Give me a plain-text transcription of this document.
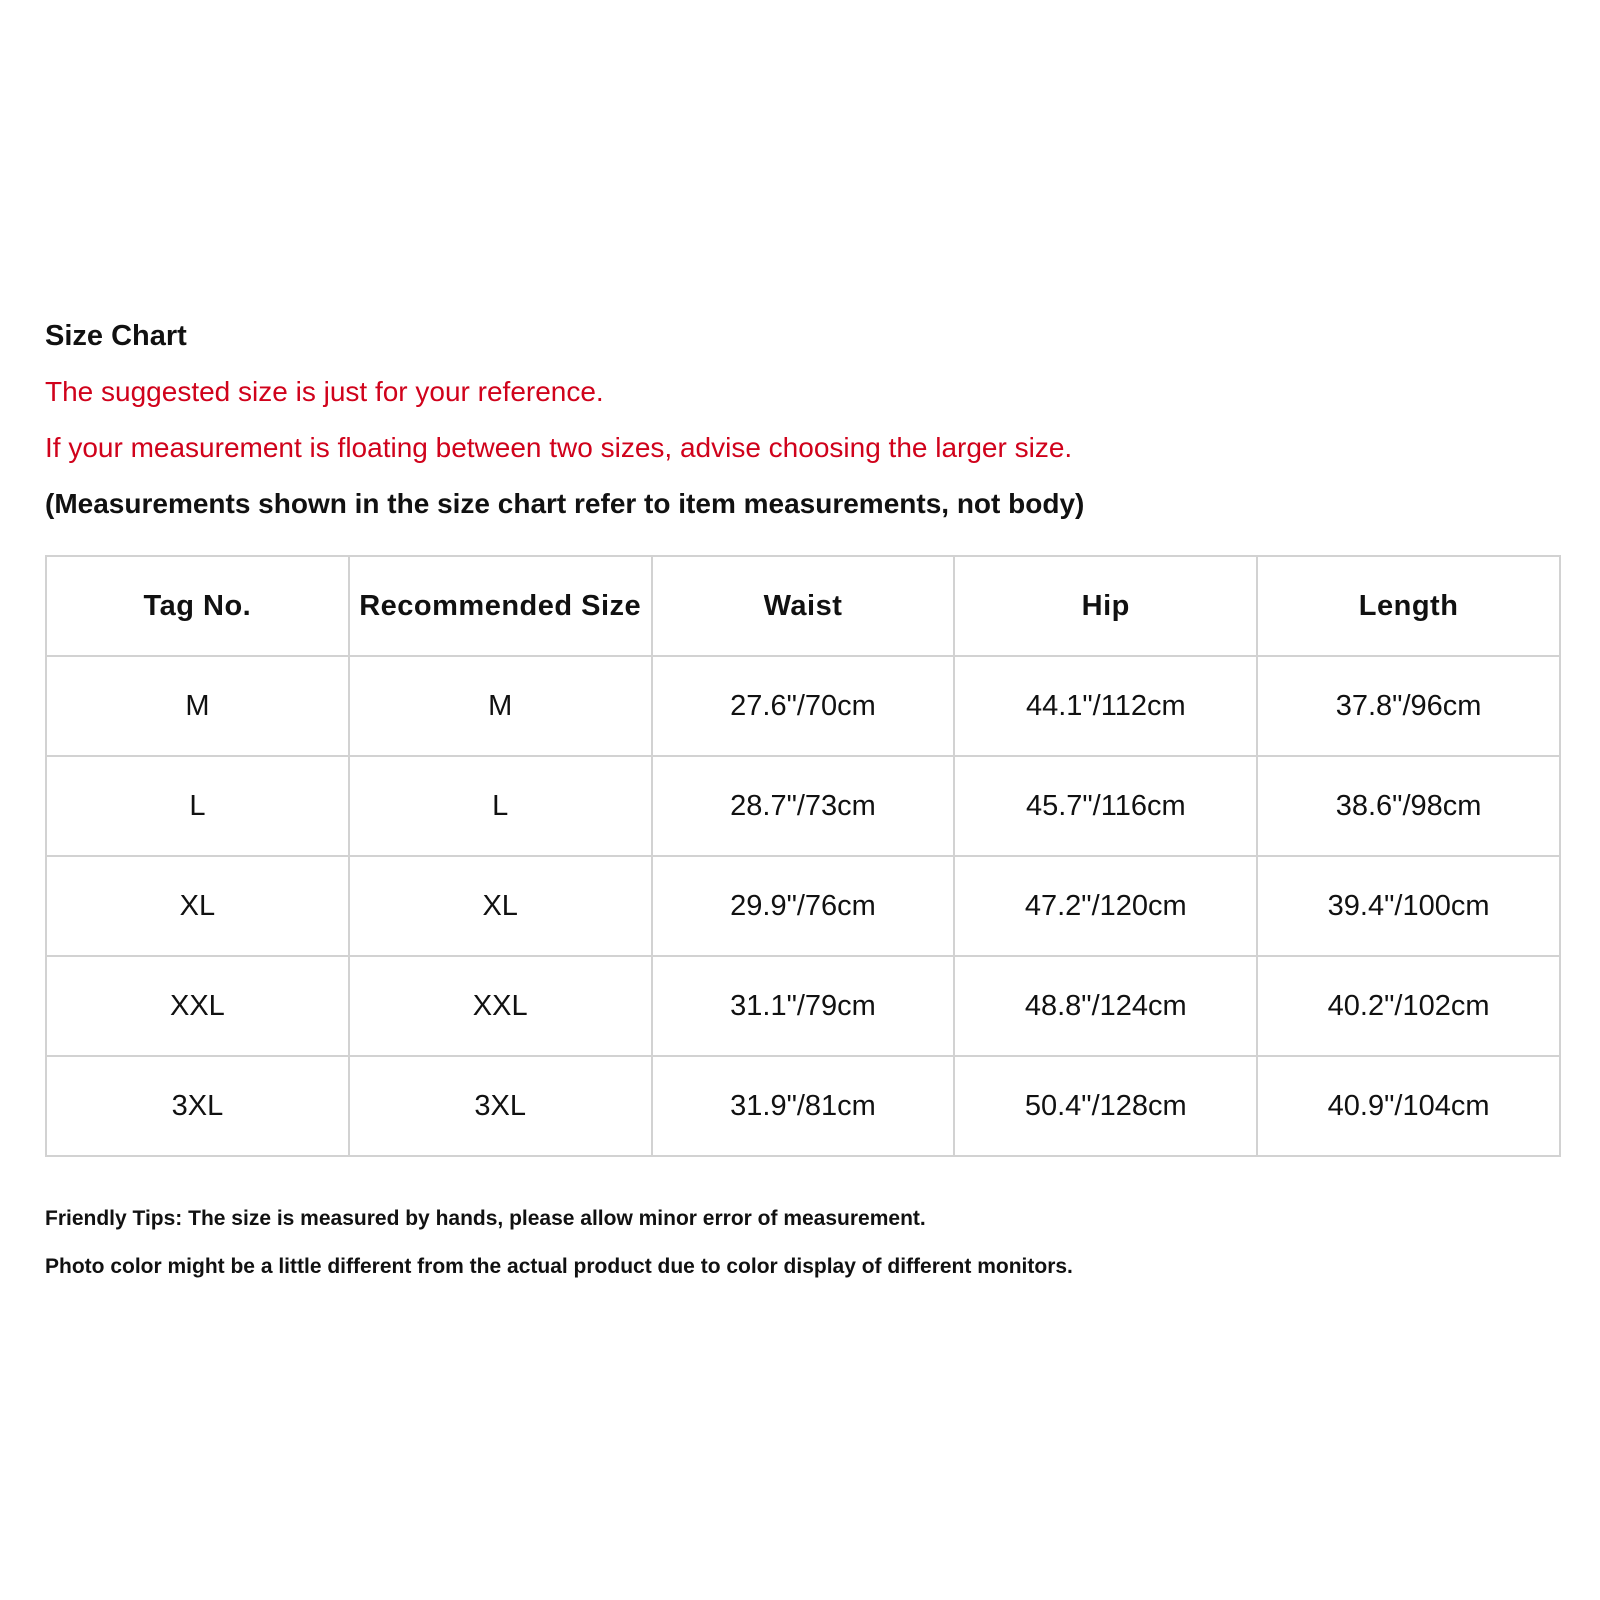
Size Chart
The suggested size is just for your reference.
If your measurement is floating between two sizes, advise choosing the larger size.
(Measurements shown in the size chart refer to item measurements, not body)
Tag No.	Recommended Size	Waist	Hip	Length
M	M	27.6"/70cm	44.1"/112cm	37.8"/96cm
L	L	28.7"/73cm	45.7"/116cm	38.6"/98cm
XL	XL	29.9"/76cm	47.2"/120cm	39.4"/100cm
XXL	XXL	31.1"/79cm	48.8"/124cm	40.2"/102cm
3XL	3XL	31.9"/81cm	50.4"/128cm	40.9"/104cm
Friendly Tips: The size is measured by hands, please allow minor error of measurement.
Photo color might be a little different from the actual product due to color display of different monitors.
